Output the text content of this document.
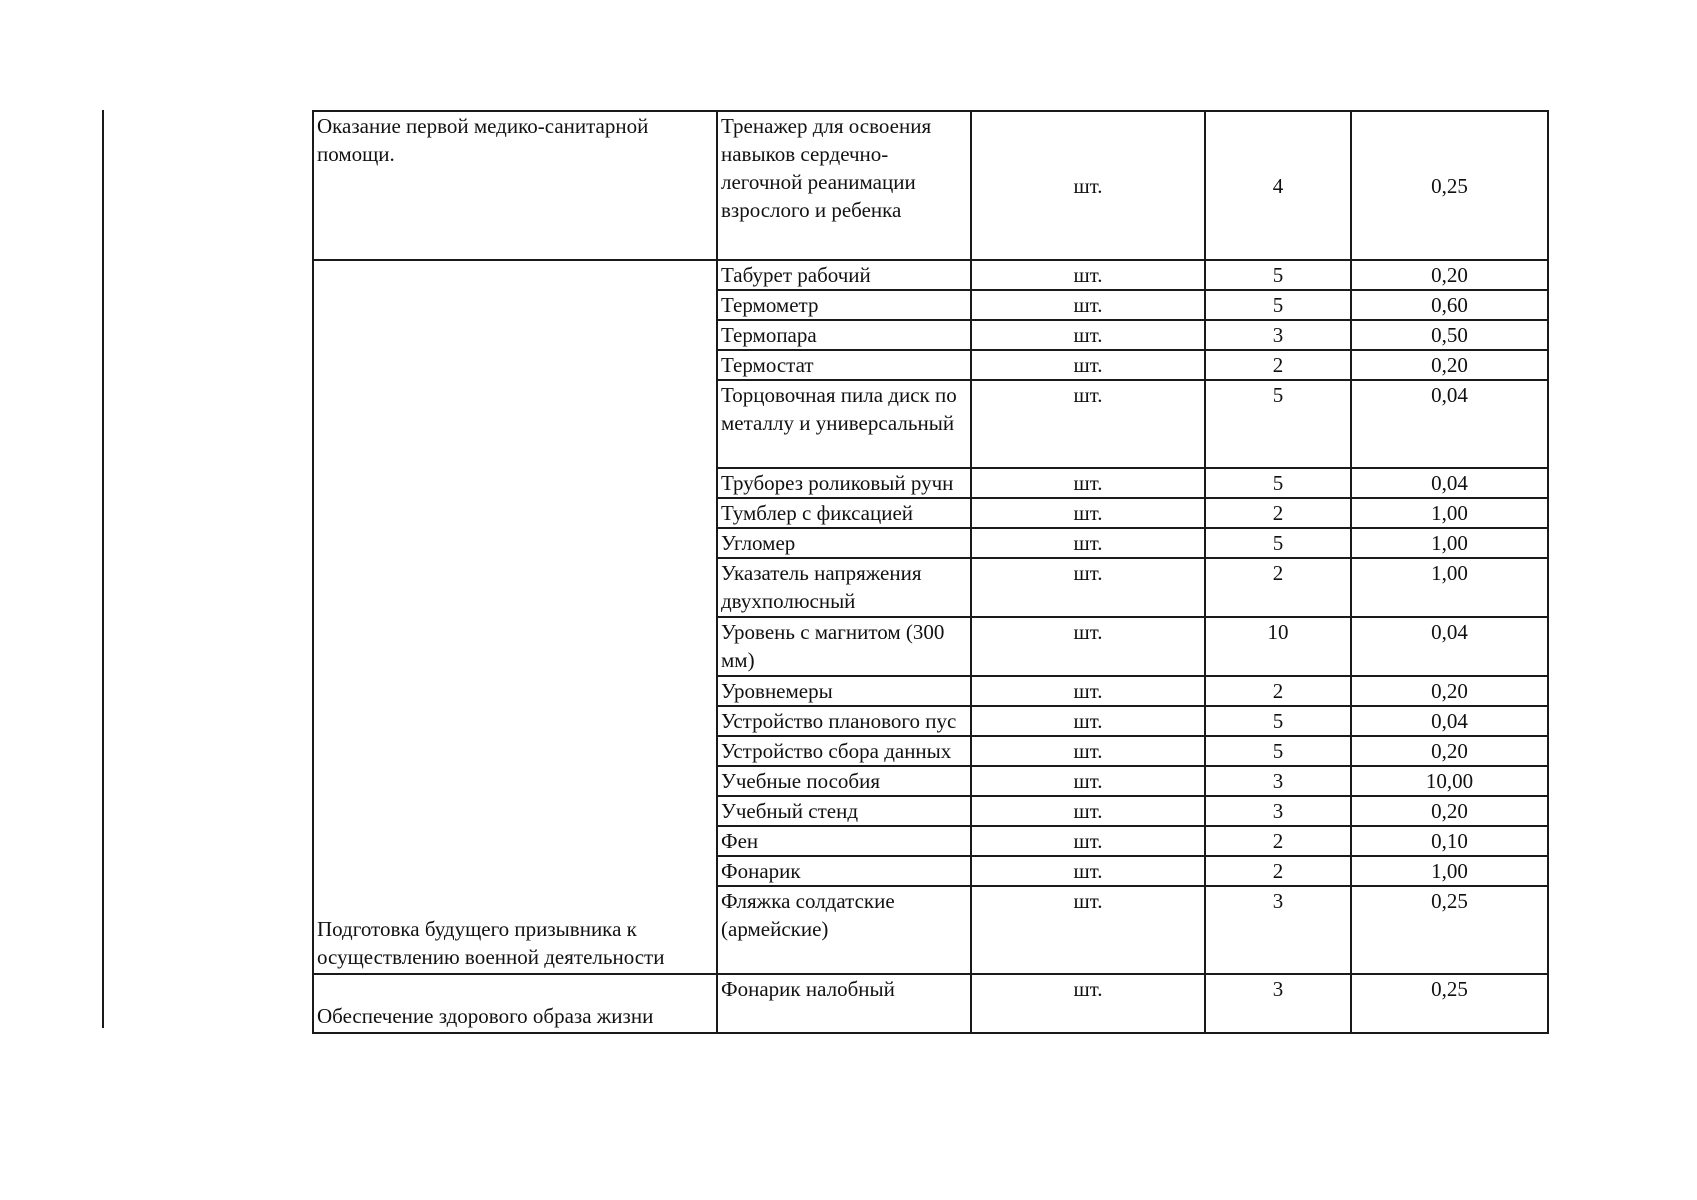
Оказание первой медико-санитарной помощи.	Тренажер для освоения навыков сердечно-легочной реанимации взрослого и ребенка	шт.	4	0,25

Подготовка будущего призывника к осуществлению военной деятельности	Табурет рабочий	шт.	5	0,20
	Термометр	шт.	5	0,60
	Термопара	шт.	3	0,50
	Термостат	шт.	2	0,20

	Торцовочная пила диск по металлу и универсальный	шт.	5	0,04
	Труборез роликовый ручн	шт.	5	0,04
	Тумблер с фиксацией	шт.	2	1,00
	Угломер	шт.	5	1,00

	Указатель напряжения двухполюсный	шт.	2	1,00

	Уровень с магнитом (300 мм)	шт.	10	0,04
	Уровнемеры	шт.	2	0,20
	Устройство планового пус	шт.	5	0,04
	Устройство сбора данных	шт.	5	0,20
	Учебные пособия	шт.	3	10,00
	Учебный стенд	шт.	3	0,20
	Фен	шт.	2	0,10
	Фонарик	шт.	2	1,00

	Фляжка солдатские (армейские)	шт.	3	0,25

Обеспечение здорового образа жизни	Фонарик налобный	шт.	3	0,25
